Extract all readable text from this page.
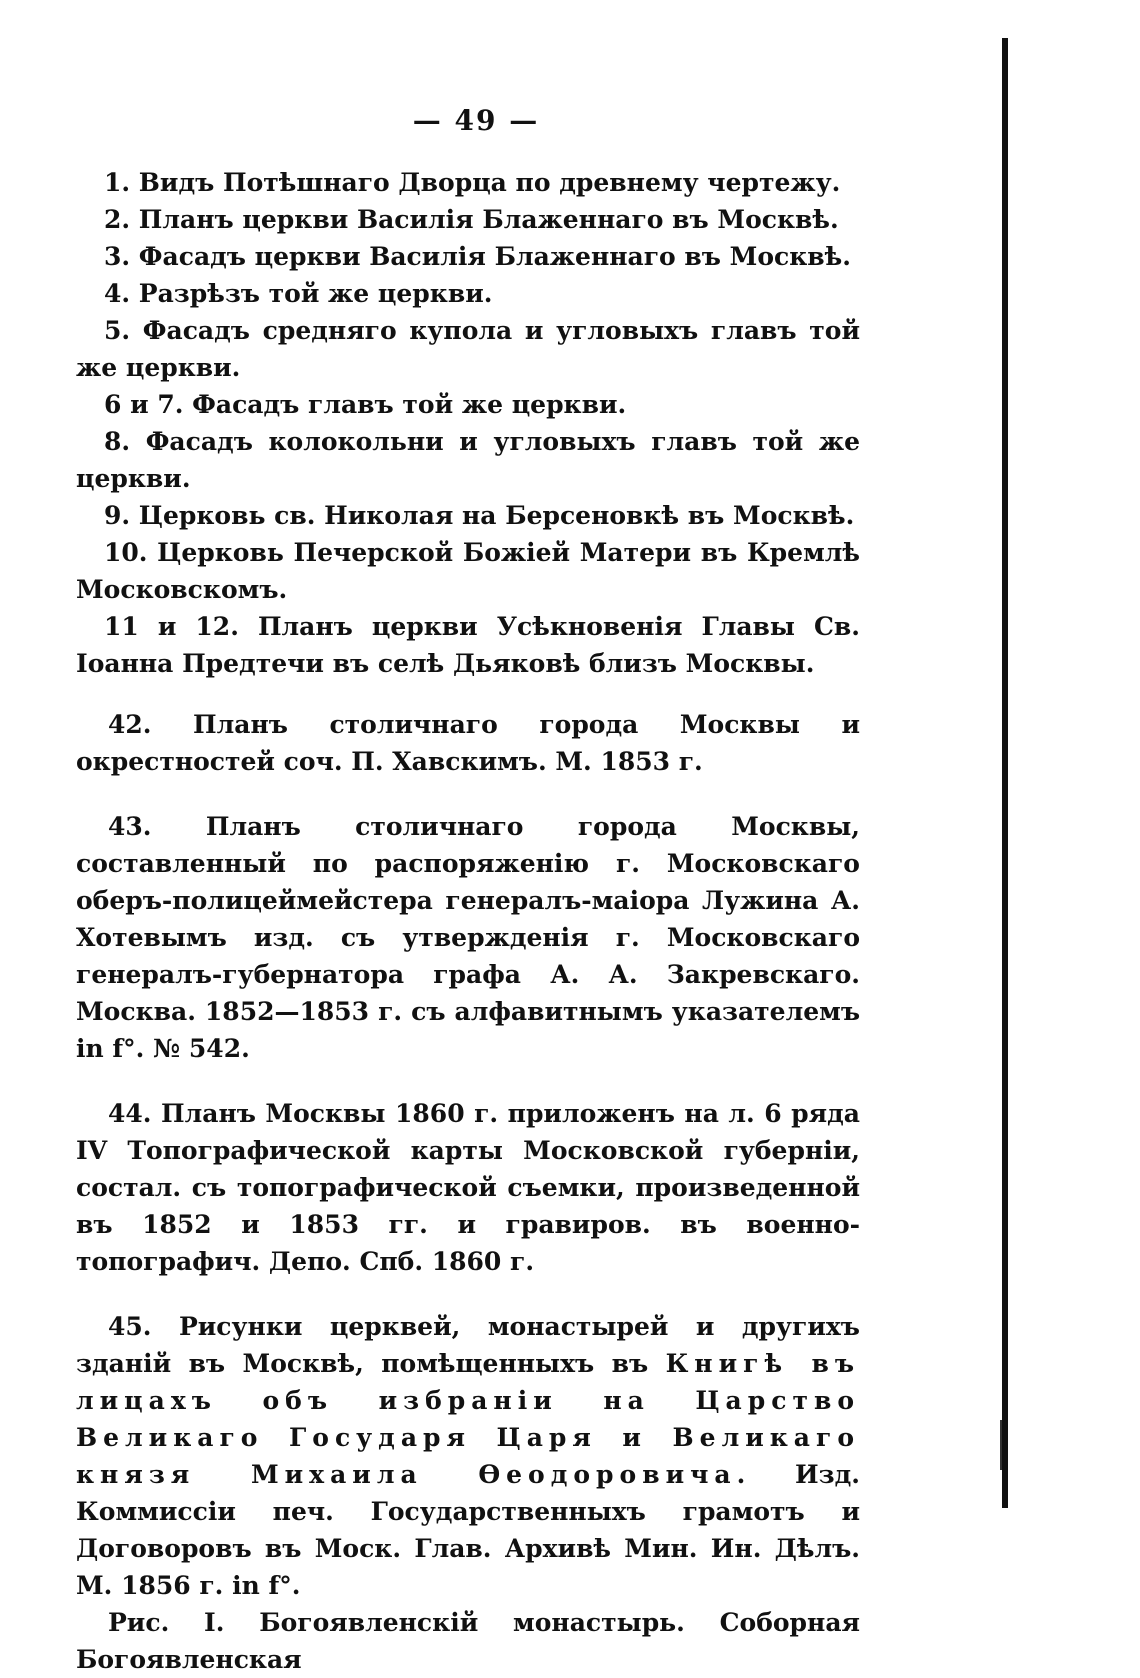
— 49 —

1. Видъ Потѣшнаго Дворца по древнему чертежу.

2. Планъ церкви Василія Блаженнаго въ Москвѣ.

3. Фасадъ церкви Василія Блаженнаго въ Москвѣ.

4. Разрѣзъ той же церкви.

5. Фасадъ средняго купола и угловыхъ главъ той же церкви.

6 и 7. Фасадъ главъ той же церкви.

8. Фасадъ колокольни и угловыхъ главъ той же церкви.

9. Церковь св. Николая на Берсеновкѣ въ Москвѣ.

10. Церковь Печерской Божіей Матери въ Кремлѣ Московскомъ.

11 и 12. Планъ церкви Усѣкновенія Главы Св. Іоанна Предтечи въ селѣ Дьяковѣ близъ Москвы.

42. Планъ столичнаго города Москвы и окрестностей соч. П. Хавскимъ. М. 1853 г.

43. Планъ столичнаго города Москвы, составленный по распоряженію г. Московскаго оберъ-полицеймейстера генералъ-маіора Лужина А. Хотевымъ изд. съ утвержденія г. Московскаго генералъ-губернатора графа А. А. Закревскаго. Москва. 1852—1853 г. съ алфавитнымъ указателемъ in f°. № 542.

44. Планъ Москвы 1860 г. приложенъ на л. 6 ряда IV Топографической карты Московской губерніи, состал. съ топографической съемки, произведенной въ 1852 и 1853 гг. и гравиров. въ военно-топографич. Депо. Спб. 1860 г.

45. Рисунки церквей, монастырей и другихъ зданій въ Москвѣ, помѣщенныхъ въ Книгѣ въ лицахъ объ избраніи на Царство Великаго Государя Царя и Великаго князя Михаила Ѳеодоровича. Изд. Коммиссіи печ. Государственныхъ грамотъ и Договоровъ въ Моск. Глав. Архивѣ Мин. Ин. Дѣлъ. М. 1856 г. in f°.

Рис. I. Богоявленскій монастырь. Соборная Богоявленская
